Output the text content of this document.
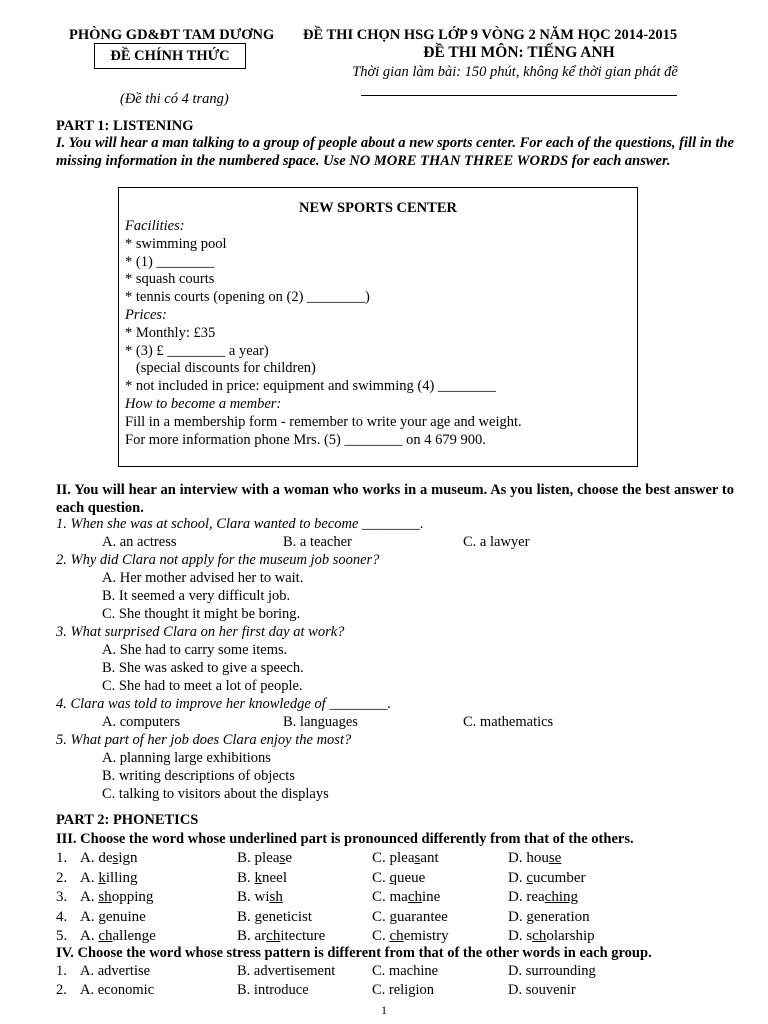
PHÒNG GD&ĐT TAM DƯƠNG
ĐỀ CHÍNH THỨC
(Đề thi có 4 trang)
ĐỀ THI CHỌN HSG LỚP 9 VÒNG 2 NĂM HỌC 2014-2015
ĐỀ THI MÔN: TIẾNG ANH
Thời gian làm bài: 150 phút, không kể thời gian phát đề
PART 1: LISTENING
I. You will hear a man talking to a group of people about a new sports center. For each of the questions, fill in the missing information in the numbered space. Use NO MORE THAN THREE WORDS for each answer.
NEW SPORTS CENTER
Facilities:
* swimming pool
* (1) ________
* squash courts
* tennis courts (opening on (2) ________)
Prices:
* Monthly: £35
* (3) £ ________ a year)
(special discounts for children)
* not included in price: equipment and swimming (4) ________
How to become a member:
Fill in a membership form - remember to write your age and weight.
For more information phone Mrs. (5) ________ on 4 679 900.
II. You will hear an interview with a woman who works in a museum. As you listen, choose the best answer to each question.
1. When she was at school, Clara wanted to become ________.
A. an actress	B. a teacher	C. a lawyer
2. Why did Clara not apply for the museum job sooner?
A. Her mother advised her to wait.
B. It seemed a very difficult job.
C. She thought it might be boring.
3. What surprised Clara on her first day at work?
A. She had to carry some items.
B. She was asked to give a speech.
C. She had to meet a lot of people.
4. Clara was told to improve her knowledge of ________.
A. computers	B. languages	C. mathematics
5. What part of her job does Clara enjoy the most?
A. planning large exhibitions
B. writing descriptions of objects
C. talking to visitors about the displays
PART 2: PHONETICS
III. Choose the word whose underlined part is pronounced differently from that of the others.
1. A. design	B. please	C. pleasant	D. house
2. A. killing	B. kneel	C. queue	D. cucumber
3. A. shopping	B. wish	C. machine	D. reaching
4. A. genuine	B. geneticist	C. guarantee	D. generation
5. A. challenge	B. architecture	C. chemistry	D. scholarship
IV. Choose the word whose stress pattern is different from that of the other words in each group.
1. A. advertise	B. advertisement	C. machine	D. surrounding
2. A. economic	B. introduce	C. religion	D. souvenir
1
